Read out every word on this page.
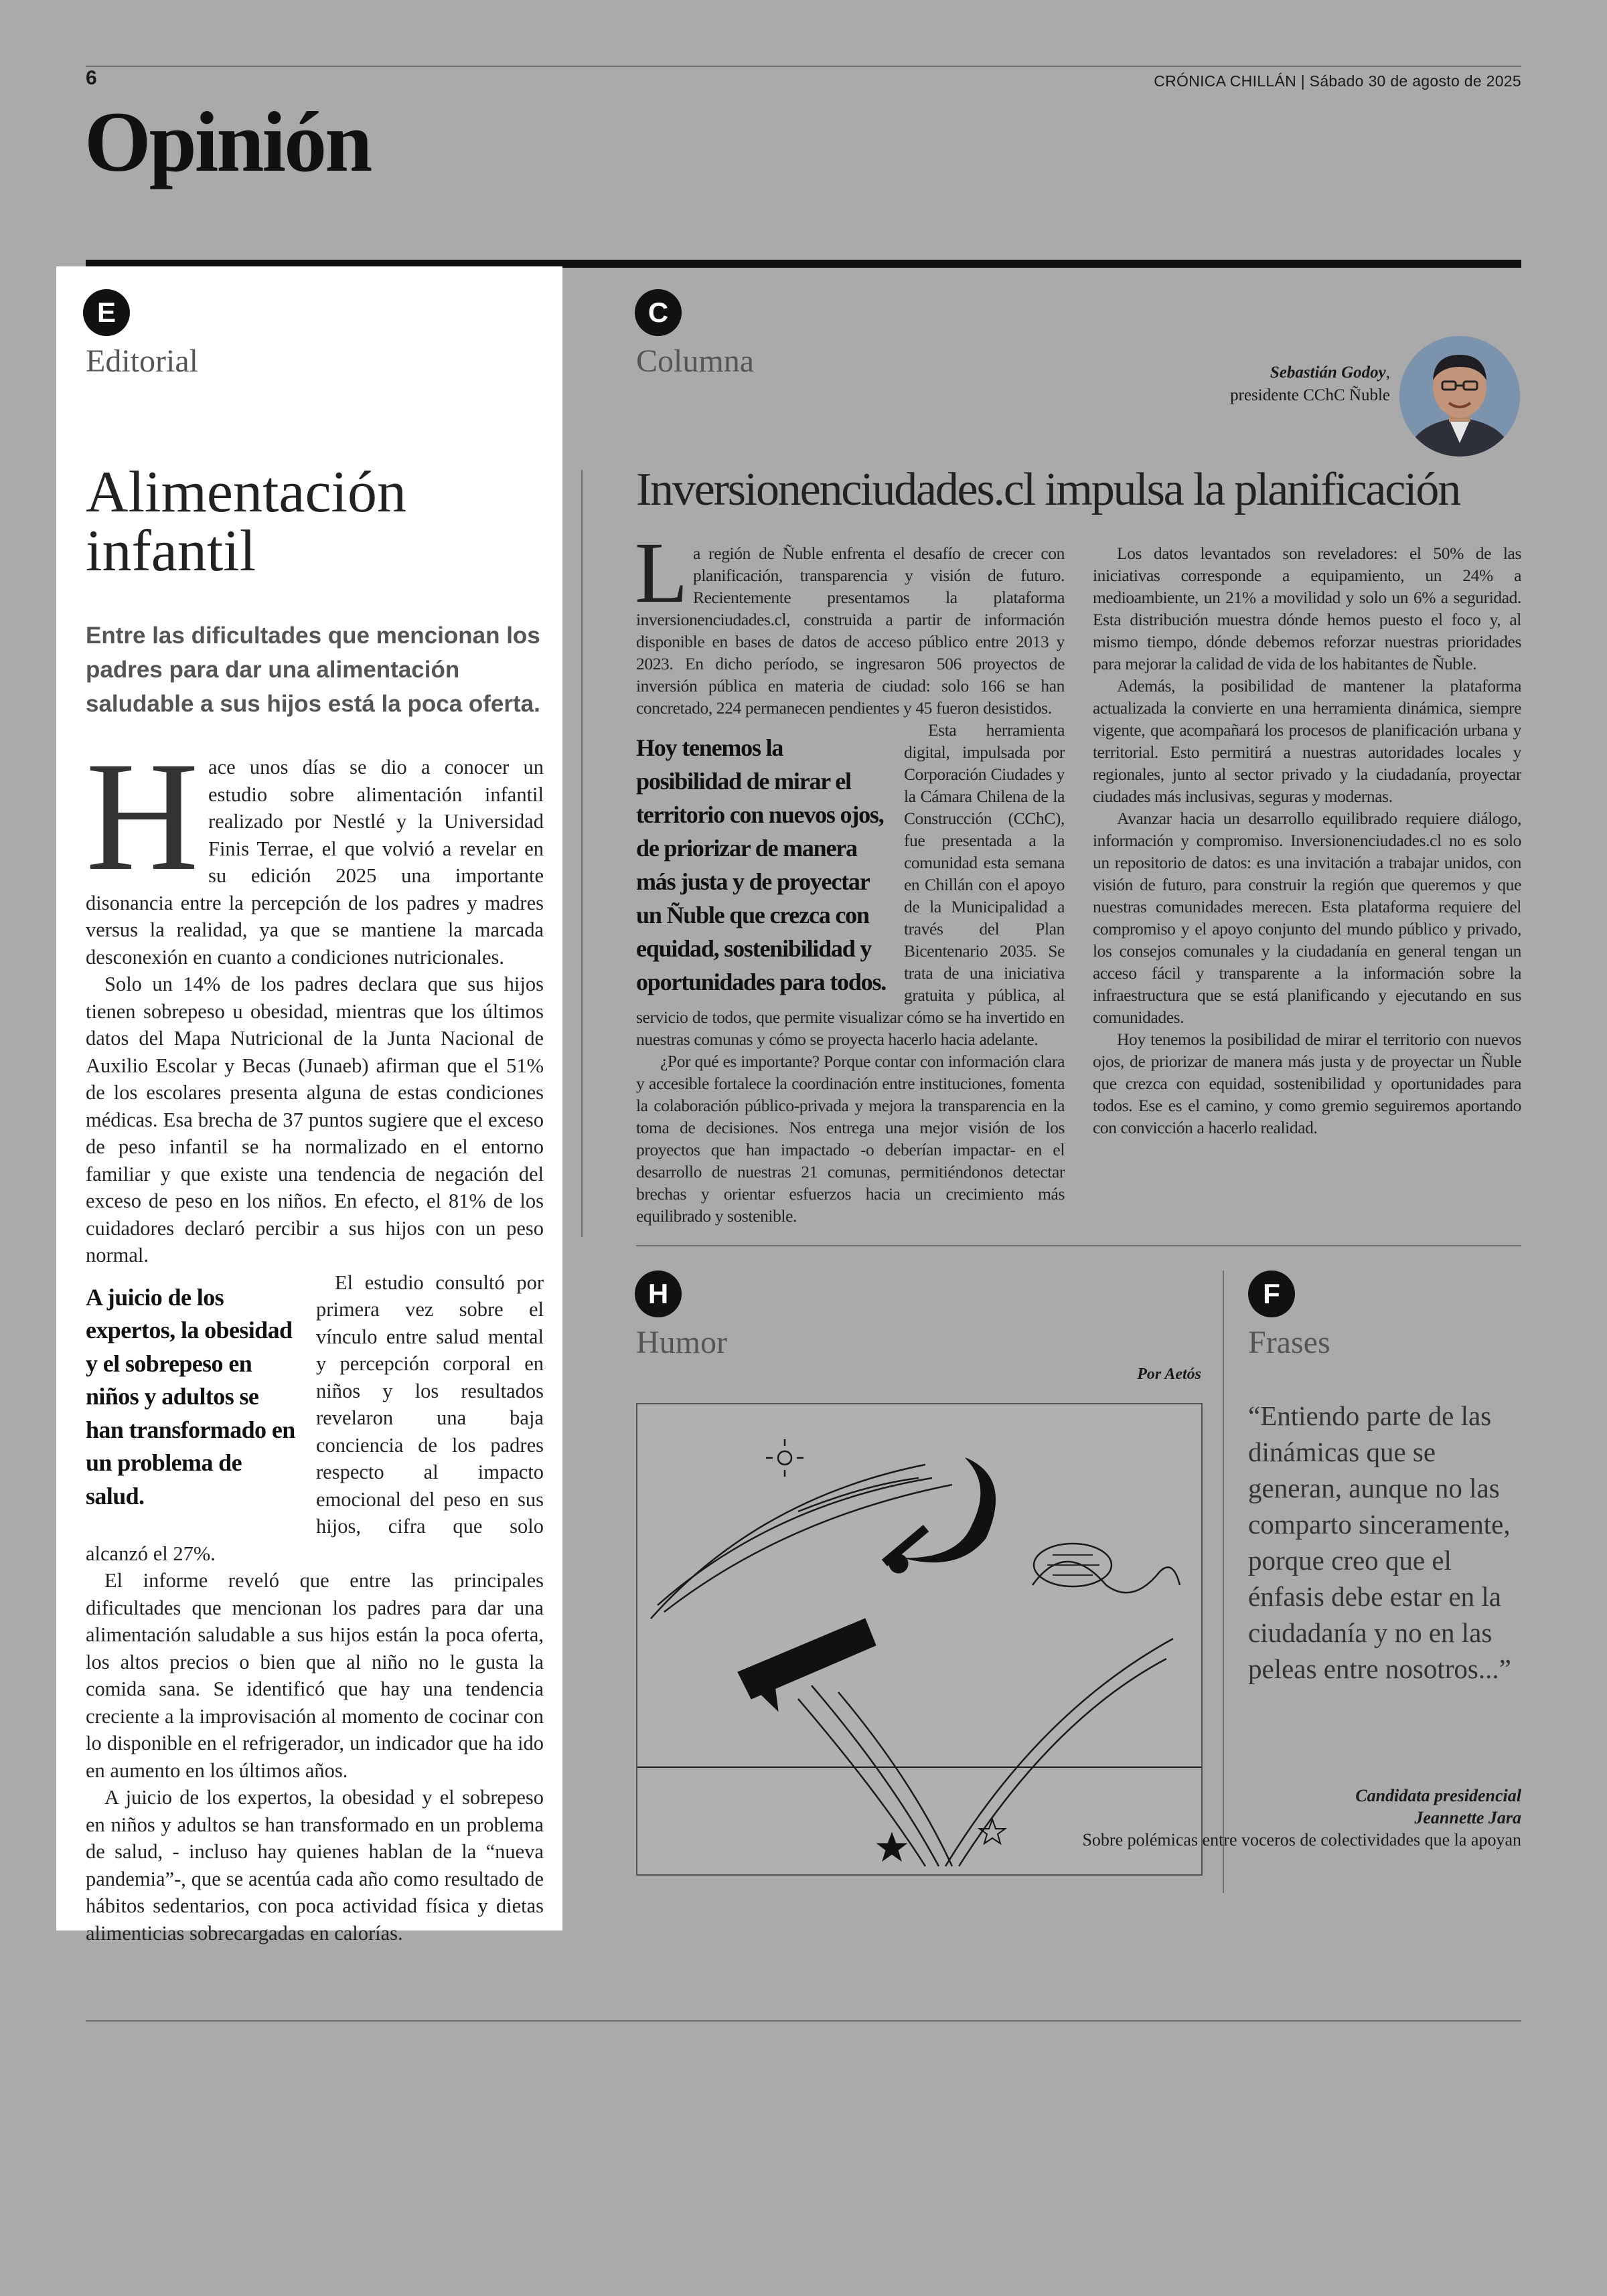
6	CRÓNICA CHILLÁN | Sábado 30 de agosto de 2025
Opinión
E
Editorial
Alimentación
infantil
Entre las dificultades que mencionan los padres para dar una alimentación saludable a sus hijos está la poca oferta.

Hace unos días se dio a conocer un estudio sobre alimentación infantil realizado por Nestlé y la Universidad Finis Terrae, el que volvió a revelar en su edición 2025 una importante disonancia entre la percepción de los padres y madres versus la realidad, ya que se mantiene la marcada desconexión en cuanto a condiciones nutricionales.

Solo un 14% de los padres declara que sus hijos tienen sobrepeso u obesidad, mientras que los últimos datos del Mapa Nutricional de la Junta Nacional de Auxilio Escolar y Becas (Junaeb) afirman que el 51% de los escolares presenta alguna de estas condiciones médicas. Esa brecha de 37 puntos sugiere que el exceso de peso infantil se ha normalizado en el entorno familiar y que existe una tendencia de negación del exceso de peso en los niños. En efecto, el 81% de los cuidadores declaró percibir a sus hijos con un peso normal.

A juicio de los expertos, la obesidad y el sobrepeso en niños y adultos se han transformado en un problema de salud.

El estudio consultó por primera vez sobre el vínculo entre salud mental y percepción corporal en niños y los resultados revelaron una baja conciencia de los padres respecto al impacto emocional del peso en sus hijos, cifra que solo alcanzó el 27%.

El informe reveló que entre las principales dificultades que mencionan los padres para dar una alimentación saludable a sus hijos están la poca oferta, los altos precios o bien que al niño no le gusta la comida sana. Se identificó que hay una tendencia creciente a la improvisación al momento de cocinar con lo disponible en el refrigerador, un indicador que ha ido en aumento en los últimos años.

A juicio de los expertos, la obesidad y el sobrepeso en niños y adultos se han transformado en un problema de salud, - incluso hay quienes hablan de la “nueva pandemia”-, que se acentúa cada año como resultado de hábitos sedentarios, con poca actividad física y dietas alimenticias sobrecargadas en calorías.

C
Columna	Sebastián Godoy,
presidente CChC Ñuble
Inversionenciudades.cl impulsa la planificación

La región de Ñuble enfrenta el desafío de crecer con planificación, transparencia y visión de futuro. Recientemente presentamos la plataforma inversionenciudades.cl, construida a partir de información disponible en bases de datos de acceso público entre 2013 y 2023. En dicho período, se ingresaron 506 proyectos de inversión pública en materia de ciudad: solo 166 se han concretado, 224 permanecen pendientes y 45 fueron desistidos.

Hoy tenemos la posibilidad de mirar el territorio con nuevos ojos, de priorizar de manera más justa y de proyectar un Ñuble que crezca con equidad, sostenibilidad y oportunidades para todos.

Esta herramienta digital, impulsada por Corporación Ciudades y la Cámara Chilena de la Construcción (CChC), fue presentada a la comunidad esta semana en Chillán con el apoyo de la Municipalidad a través del Plan Bicentenario 2035. Se trata de una iniciativa gratuita y pública, al servicio de todos, que permite visualizar cómo se ha invertido en nuestras comunas y cómo se proyecta hacerlo hacia adelante.

¿Por qué es importante? Porque contar con información clara y accesible fortalece la coordinación entre instituciones, fomenta la colaboración público-privada y mejora la transparencia en la toma de decisiones. Nos entrega una mejor visión de los proyectos que han impactado -o deberían impactar- en el desarrollo de nuestras 21 comunas, permitiéndonos detectar brechas y orientar esfuerzos hacia un crecimiento más equilibrado y sostenible.

Los datos levantados son reveladores: el 50% de las iniciativas corresponde a equipamiento, un 24% a medioambiente, un 21% a movilidad y solo un 6% a seguridad. Esta distribución muestra dónde hemos puesto el foco y, al mismo tiempo, dónde debemos reforzar nuestras prioridades para mejorar la calidad de vida de los habitantes de Ñuble.

Además, la posibilidad de mantener la plataforma actualizada la convierte en una herramienta dinámica, siempre vigente, que acompañará los procesos de planificación urbana y territorial. Esto permitirá a nuestras autoridades locales y regionales, junto al sector privado y la ciudadanía, proyectar ciudades más inclusivas, seguras y modernas.

Avanzar hacia un desarrollo equilibrado requiere diálogo, información y compromiso. Inversionenciudades.cl no es solo un repositorio de datos: es una invitación a trabajar unidos, con visión de futuro, para construir la región que queremos y que nuestras comunidades merecen. Esta plataforma requiere del compromiso y el apoyo conjunto del mundo público y privado, los consejos comunales y la ciudadanía en general tengan un acceso fácil y transparente a la información sobre la infraestructura que se está planificando y ejecutando en sus comunidades.

Hoy tenemos la posibilidad de mirar el territorio con nuevos ojos, de priorizar de manera más justa y de proyectar un Ñuble que crezca con equidad, sostenibilidad y oportunidades para todos. Ese es el camino, y como gremio seguiremos aportando con convicción a hacerlo realidad.

H
Humor
Por Aetós
F
Frases
“Entiendo parte de las dinámicas que se generan, aunque no las comparto sinceramente, porque creo que el énfasis debe estar en la ciudadanía y no en las peleas entre nosotros...”
Candidata presidencial
Jeannette Jara
Sobre polémicas entre voceros de colectividades que la apoyan
